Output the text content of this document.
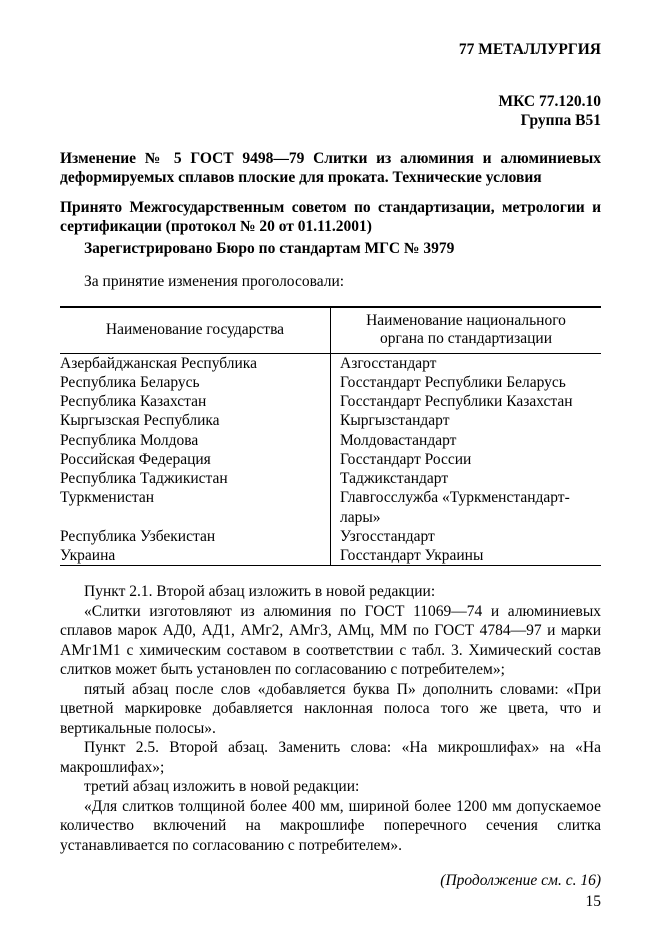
77 МЕТАЛЛУРГИЯ
МКС 77.120.10
Группа В51

Изменение № 5 ГОСТ 9498—79 Слитки из алюминия и алюминиевых деформируемых сплавов плоские для проката. Технические условия

Принято Межгосударственным советом по стандартизации, метрологии и сертификации (протокол № 20 от 01.11.2001)

Зарегистрировано Бюро по стандартам МГС № 3979

За принятие изменения проголосовали:

Наименование государства	Наименование национального
органа по стандартизации
Азербайджанская Республика	Азгосстандарт
Республика Беларусь	Госстандарт Республики Беларусь
Республика Казахстан	Госстандарт Республики Казахстан
Кыргызская Республика	Кыргызстандарт
Республика Молдова	Молдовастандарт
Российская Федерация	Госстандарт России
Республика Таджикистан	Таджикстандарт
Туркменистан	Главгосслужба «Туркменстандарт-лары»
Республика Узбекистан	Узгосстандарт
Украина	Госстандарт Украины

Пункт 2.1. Второй абзац изложить в новой редакции:

«Слитки изготовляют из алюминия по ГОСТ 11069—74 и алюминиевых сплавов марок АД0, АД1, АМг2, АМг3, АМц, ММ по ГОСТ 4784—97 и марки АМг1М1 с химическим составом в соответствии с табл. 3. Химический состав слитков может быть установлен по согласованию с потребителем»;

пятый абзац после слов «добавляется буква П» дополнить словами: «При цветной маркировке добавляется наклонная полоса того же цвета, что и вертикальные полосы».

Пункт 2.5. Второй абзац. Заменить слова: «На микрошлифах» на «На макрошлифах»;

третий абзац изложить в новой редакции:

«Для слитков толщиной более 400 мм, шириной более 1200 мм допускаемое количество включений на макрошлифе поперечного сечения слитка устанавливается по согласованию с потребителем».

(Продолжение см. с. 16)

15
